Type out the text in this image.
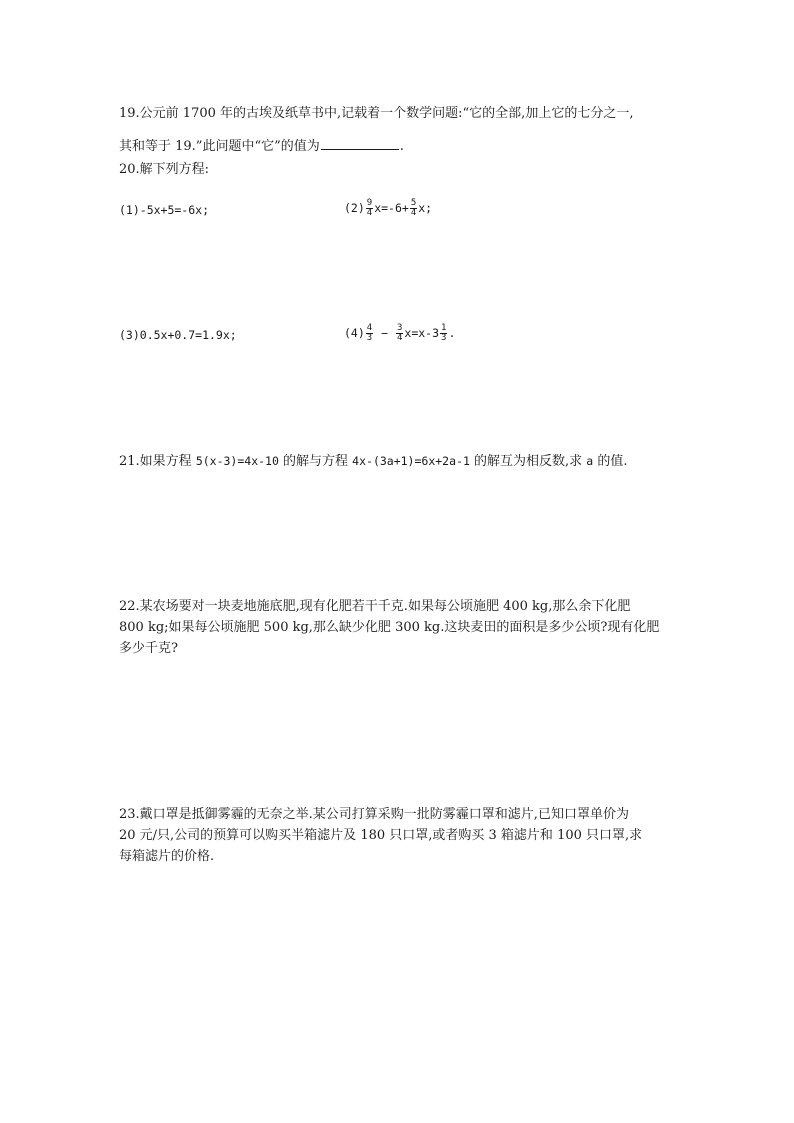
19.公元前 1700 年的古埃及纸草书中,记载着一个数学问题:“它的全部,加上它的七分之一,
其和等于 19.”此问题中“它”的值为	.
20.解下列方程:
(1)-5x+5=-6x;	$(2) \frac{9}{4} x=-6+ \frac{5}{4} x$;
(3)0.5x+0.7=1.9x;	$(4) \frac{4}{3} - \frac{3}{4} x=x-3 \frac{1}{3}$ .
21.如果方程 5(x-3)=4x-10 的解与方程 4x-(3a+1)=6x+2a-1 的解互为相反数,求 a 的值.
22.某农场要对一块麦地施底肥,现有化肥若干千克.如果每公顷施肥 400 kg,那么余下化肥
800 kg;如果每公顷施肥 500 kg,那么缺少化肥 300 kg.这块麦田的面积是多少公顷?现有化肥
多少千克?
23.戴口罩是抵御雾霾的无奈之举.某公司打算采购一批防雾霾口罩和滤片,已知口罩单价为
20 元/只,公司的预算可以购买半箱滤片及 180 只口罩,或者购买 3 箱滤片和 100 只口罩,求
每箱滤片的价格.
